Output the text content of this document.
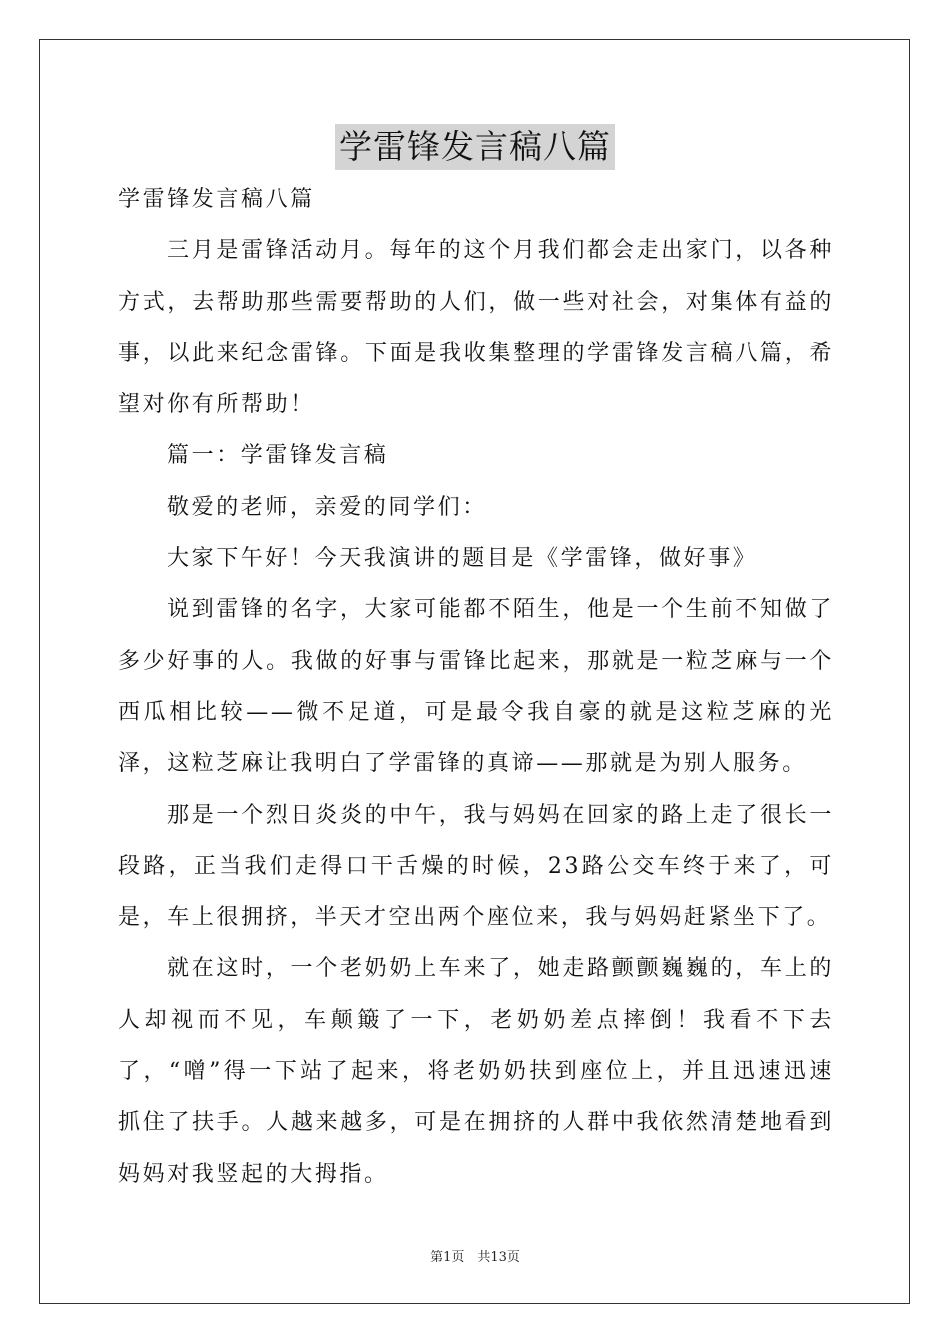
学雷锋发言稿八篇

学雷锋发言稿八篇

三月是雷锋活动月。每年的这个月我们都会走出家门，以各种方式，去帮助那些需要帮助的人们，做一些对社会，对集体有益的事，以此来纪念雷锋。下面是我收集整理的学雷锋发言稿八篇，希望对你有所帮助！

篇一：学雷锋发言稿

敬爱的老师，亲爱的同学们：

大家下午好！今天我演讲的题目是《学雷锋，做好事》

说到雷锋的名字，大家可能都不陌生，他是一个生前不知做了多少好事的人。我做的好事与雷锋比起来，那就是一粒芝麻与一个西瓜相比较——微不足道，可是最令我自豪的就是这粒芝麻的光泽，这粒芝麻让我明白了学雷锋的真谛——那就是为别人服务。

那是一个烈日炎炎的中午，我与妈妈在回家的路上走了很长一段路，正当我们走得口干舌燥的时候，23路公交车终于来了，可是，车上很拥挤，半天才空出两个座位来，我与妈妈赶紧坐下了。

就在这时，一个老奶奶上车来了，她走路颤颤巍巍的，车上的人却视而不见，车颠簸了一下，老奶奶差点摔倒！我看不下去了，“噌”得一下站了起来，将老奶奶扶到座位上，并且迅速迅速抓住了扶手。人越来越多，可是在拥挤的人群中我依然清楚地看到妈妈对我竖起的大拇指。

第1页　共13页
